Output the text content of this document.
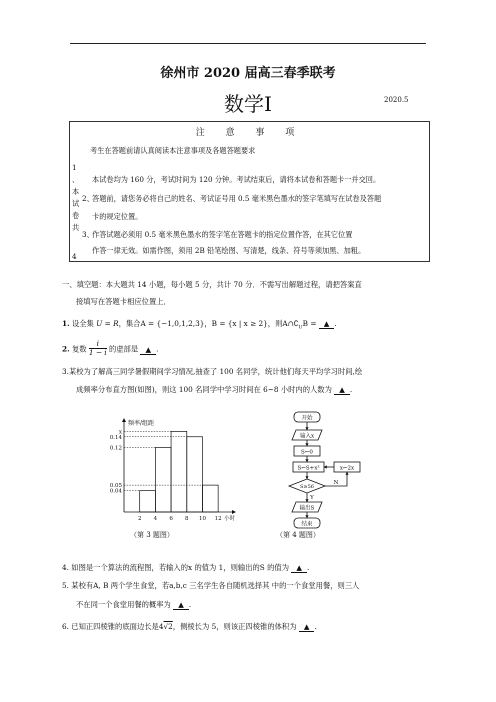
徐州市 2020 届高三春季联考
数学Ⅰ	2020.5
注 意 事 项
考生在答题前请认真阅读本注意事项及各题答题要求
1
、
本
试
卷
共
4
本试卷均为 160 分，考试时间为 120 分钟。考试结束后，请将本试卷和答题卡一并交回。
2、
答题前，请您务必将自己的姓名、考试证号用 0.5 毫米黑色墨水的签字笔填写在试卷及答题
卡的规定位置。
3、
作答试题必须用 0.5 毫米黑色墨水的签字笔在答题卡的指定位置作答，在其它位置
作答一律无效。如需作图，须用 2B 铅笔绘图、写清楚，线条、符号等须加黑、加粗。
一、填空题：本大题共 14 小题，每小题 5 分，共计 70 分．不需写出解题过程，请把答案直
接填写在答题卡相应位置上．
1. 设全集 U = R，集合A = {−1,0,1,2,3}，B = {x | x ≥ 2}，则$A\cap∁_UB$ = ▲ .
2. 复数 $\frac{i}{1 - i}$ 的虚部是 ▲ .
3.某校为了解高三同学暑假期间学习情况,抽查了 100 名同学，统计他们每天平均学习时间,绘
成频率分布直方图(如图)，则这 100 名同学中学习时间在 6~8 小时内的人数为 ▲ .
x
0.14
0.12
0.05
0.04
2 4 6 8 10 12 小时
频率/组距
（第 3 题图）
开始
输入x
S←0
S←S+x²	x←2x
S≥56
N
Y
输出S
结束
（第 4 题图）
4. 如图是一个算法的流程图，若输入的x 的值为 1，则输出的S 的值为 ▲ .
5. 某校有A, B 两个学生食堂，若a,b,c 三名学生各自随机选择其 中的一个食堂用餐，则三人
不在同一个食堂用餐的概率为 ▲ .
6. 已知正四棱锥的底面边长是4√2，侧棱长为 5，则该正四棱锥的体积为 ▲ .
